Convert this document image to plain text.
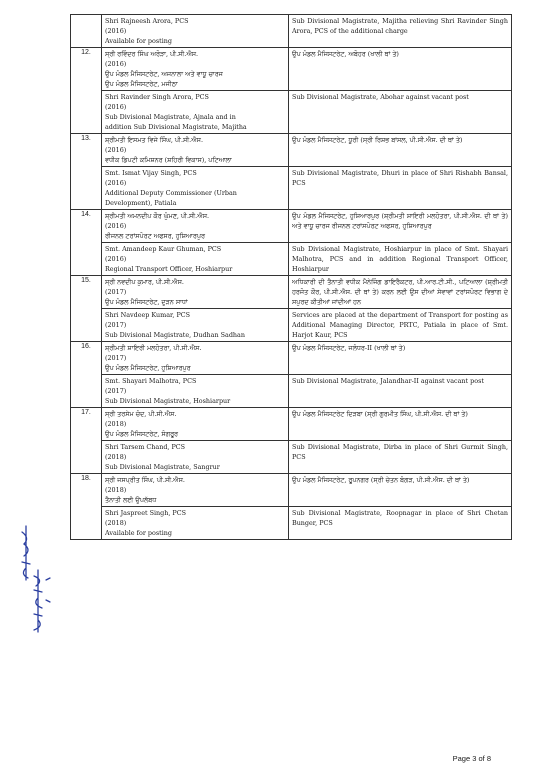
	Shri Rajneesh Arora, PCS
(2016)
Available for posting	Sub Divisional Magistrate, Majitha relieving Shri Ravinder Singh Arora, PCS of the additional charge

12.	ਸ੍ਰੀ ਰਵਿੰਦਰ ਸਿੰਘ ਅਰੋੜਾ, ਪੀ.ਸੀ.ਐਸ.
(2016)
ਉਪ ਮੰਡਲ ਮੈਜਿਸਟਰੇਟ, ਅਜਨਾਲਾ ਅਤੇ ਵਾਧੂ ਚਾਰਜ
ਉਪ ਮੰਡਲ ਮੈਜਿਸਟਰੇਟ, ਮਜੀਠਾ	ਉਪ ਮੰਡਲ ਮੈਜਿਸਟਰੇਟ, ਅਬੋਹਰ (ਖਾਲੀ ਥਾਂ ਤੇ)

	Shri Ravinder Singh Arora, PCS
(2016)
Sub Divisional Magistrate, Ajnala and in
addition Sub Divisional Magistrate, Majitha	Sub Divisional Magistrate, Abohar against vacant post

13.	ਸ਼੍ਰੀਮਤੀ ਇਸਮਤ ਵਿਜੇ ਸਿੰਘ, ਪੀ.ਸੀ.ਐਸ.
(2016)
ਵਧੀਕ ਡਿਪਟੀ ਕਮਿਸ਼ਨਰ (ਸ਼ਹਿਰੀ ਵਿਕਾਸ), ਪਟਿਆਲਾ	ਉਪ ਮੰਡਲ ਮੈਜਿਸਟਰੇਟ, ਧੂਰੀ (ਸ੍ਰੀ ਰਿਸ਼ਭ ਬਾਂਸਲ, ਪੀ.ਸੀ.ਐਸ. ਦੀ ਥਾਂ ਤੇ)

	Smt. Ismat Vijay Singh, PCS
(2016)
Additional Deputy Commissioner (Urban
Development), Patiala	Sub Divisional Magistrate, Dhuri in place of Shri Rishabh Bansal, PCS

14.	ਸ਼੍ਰੀਮਤੀ ਅਮਨਦੀਪ ਕੌਰ ਘੁੰਮਣ, ਪੀ.ਸੀ.ਐਸ.
(2016)
ਰੀਜਨਲ ਟਰਾਂਸਪੋਰਟ ਅਫਸਰ, ਹੁਸ਼ਿਆਰਪੁਰ	ਉਪ ਮੰਡਲ ਮੈਜਿਸਟਰੇਟ, ਹੁਸ਼ਿਆਰਪੁਰ (ਸ਼੍ਰੀਮਤੀ ਸ਼ਾਇਰੀ ਮਲਹੋਤਰਾ, ਪੀ.ਸੀ.ਐਸ. ਦੀ ਥਾਂ ਤੇ) ਅਤੇ ਵਾਧੂ ਚਾਰਜ ਰੀਜਨਲ ਟਰਾਂਸਪੋਰਟ ਅਫਸਰ, ਹੁਸ਼ਿਆਰਪੁਰ

	Smt. Amandeep Kaur Ghuman, PCS
(2016)
Regional Transport Officer, Hoshiarpur	Sub Divisional Magistrate, Hoshiarpur in place of Smt. Shayari Malhotra, PCS and in addition Regional Transport Officer, Hoshiarpur

15.	ਸ੍ਰੀ ਨਵਦੀਪ ਕੁਮਾਰ, ਪੀ.ਸੀ.ਐਸ.
(2017)
ਉਪ ਮੰਡਲ ਮੈਜਿਸਟਰੇਟ, ਦੁੜਨ ਸਾਧਾਂ	ਅਧਿਕਾਰੀ ਦੀ ਤੈਨਾਤੀ ਵਧੀਕ ਮੈਨੇਜਿੰਗ ਡਾਇਰੈਕਟਰ, ਪੀ.ਆਰ.ਟੀ.ਸੀ., ਪਟਿਆਲਾ (ਸ਼੍ਰੀਮਤੀ ਹਰਜੋਤ ਕੌਰ, ਪੀ.ਸੀ.ਐਸ. ਦੀ ਥਾਂ ਤੇ) ਕਰਨ ਲਈ ਉਸ ਦੀਆਂ ਸੇਵਾਵਾਂ ਟਰਾਂਸਪੋਰਟ ਵਿਭਾਗ ਦੇ ਸਪੁਰਦ ਕੀਤੀਆਂ ਜਾਂਦੀਆਂ ਹਨ

	Shri Navdeep Kumar, PCS
(2017)
Sub Divisional Magistrate, Dudhan Sadhan	Services are placed at the department of Transport for posting as Additional Managing Director, PRTC, Patiala in place of Smt. Harjot Kaur, PCS

16.	ਸ਼੍ਰੀਮਤੀ ਸ਼ਾਇਰੀ ਮਲਹੋਤਰਾ, ਪੀ.ਸੀ.ਐਸ.
(2017)
ਉਪ ਮੰਡਲ ਮੈਜਿਸਟਰੇਟ, ਹੁਸ਼ਿਆਰਪੁਰ	ਉਪ ਮੰਡਲ ਮੈਜਿਸਟਰੇਟ, ਜਲੰਧਰ-II (ਖਾਲੀ ਥਾਂ ਤੇ)

	Smt. Shayari Malhotra, PCS
(2017)
Sub Divisional Magistrate, Hoshiarpur	Sub Divisional Magistrate, Jalandhar-II against vacant post

17.	ਸ੍ਰੀ ਤਰਸੇਮ ਚੰਦ, ਪੀ.ਸੀ.ਐਸ.
(2018)
ਉਪ ਮੰਡਲ ਮੈਜਿਸਟਰੇਟ, ਸੰਗਰੂਰ	ਉਪ ਮੰਡਲ ਮੈਜਿਸਟਰੇਟ ਦਿੜਬਾ (ਸ੍ਰੀ ਗੁਰਮੀਤ ਸਿੰਘ, ਪੀ.ਸੀ.ਐਸ. ਦੀ ਥਾਂ ਤੇ)

	Shri Tarsem Chand, PCS
(2018)
Sub Divisional Magistrate, Sangrur	Sub Divisional Magistrate, Dirba in place of Shri Gurmit Singh, PCS

18.	ਸ੍ਰੀ ਜਸਪ੍ਰੀਤ ਸਿੰਘ, ਪੀ.ਸੀ.ਐਸ.
(2018)
ਤੈਨਾਤੀ ਲਈ ਉਪਲੱਬਧ	ਉਪ ਮੰਡਲ ਮੈਜਿਸਟਰੇਟ, ਰੂਪਨਗਰ (ਸ੍ਰੀ ਚੇਤਨ ਬੰਗੜ, ਪੀ.ਸੀ.ਐਸ. ਦੀ ਥਾਂ ਤੇ)

	Shri Jaspreet Singh, PCS
(2018)
Available for posting	Sub Divisional Magistrate, Roopnagar in place of Shri Chetan Bunger, PCS
Page 3 of 8
